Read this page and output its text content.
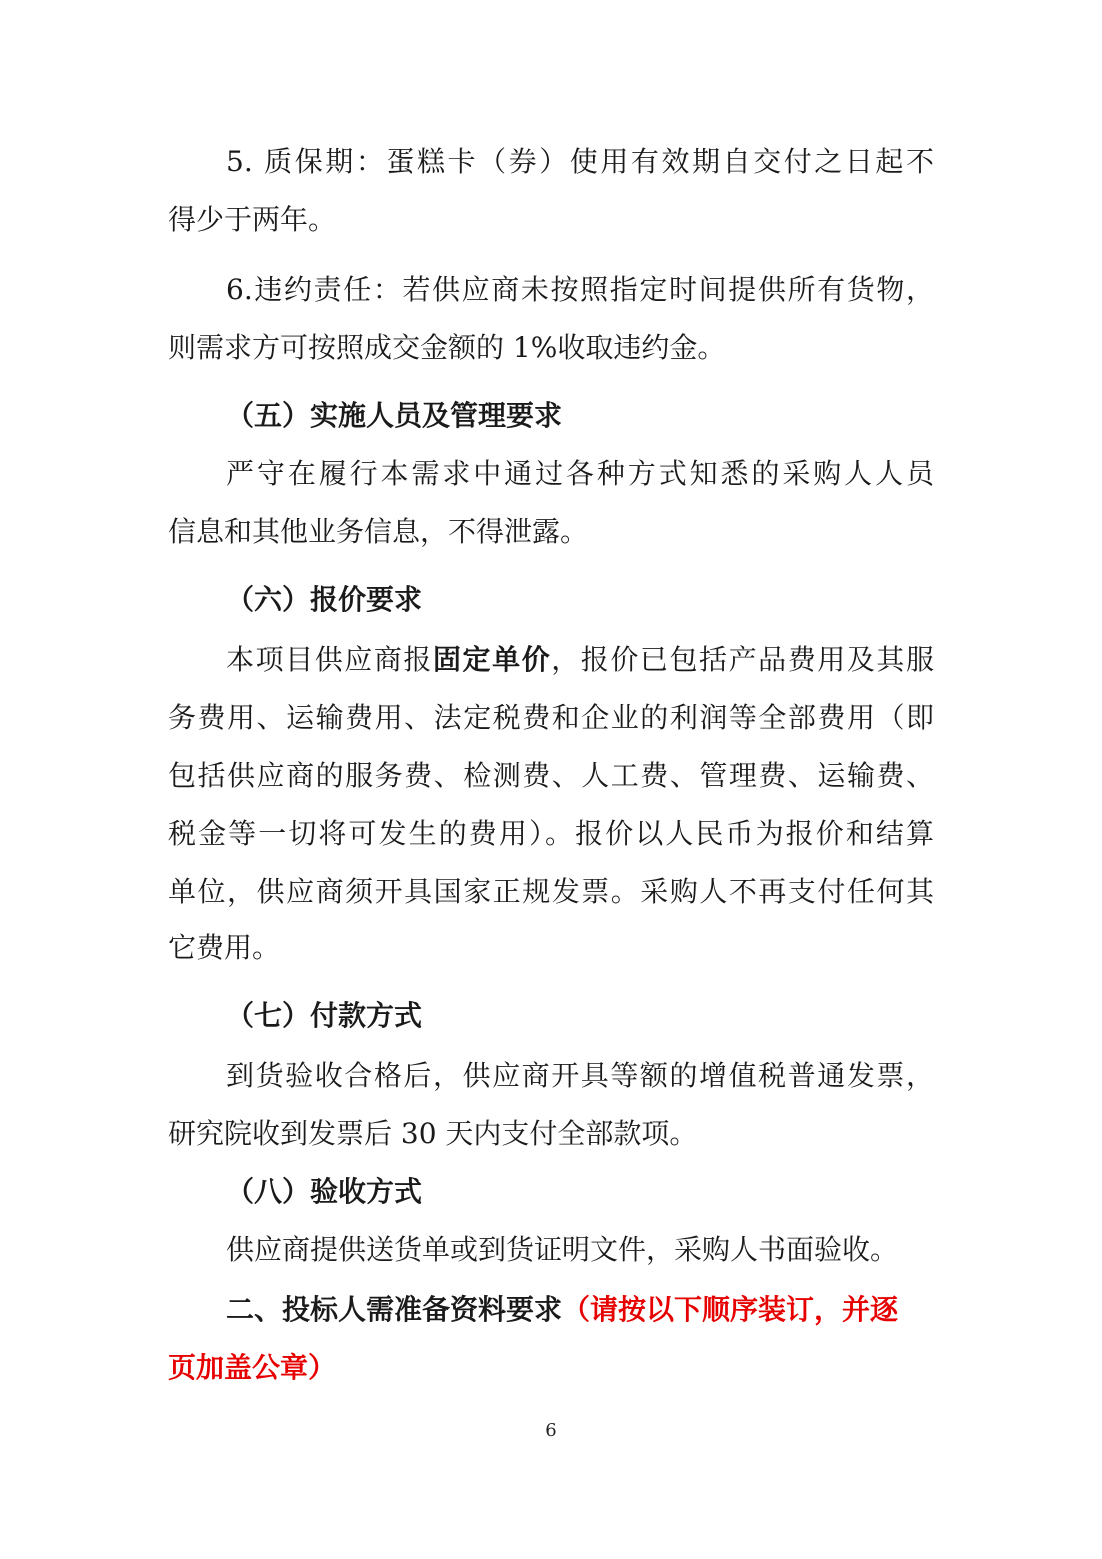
5. 质保期：蛋糕卡（券）使用有效期自交付之日起不
得少于两年。
6.违约责任：若供应商未按照指定时间提供所有货物，
则需求方可按照成交金额的 1%收取违约金。
（五）实施人员及管理要求
严守在履行本需求中通过各种方式知悉的采购人人员
信息和其他业务信息，不得泄露。
（六）报价要求
本项目供应商报固定单价，报价已包括产品费用及其服
务费用、运输费用、法定税费和企业的利润等全部费用（即
包括供应商的服务费、检测费、人工费、管理费、运输费、
税金等一切将可发生的费用）。报价以人民币为报价和结算
单位，供应商须开具国家正规发票。采购人不再支付任何其
它费用。
（七）付款方式
到货验收合格后，供应商开具等额的增值税普通发票，
研究院收到发票后 30 天内支付全部款项。
（八）验收方式
供应商提供送货单或到货证明文件，采购人书面验收。
二、投标人需准备资料要求（请按以下顺序装订，并逐
页加盖公章）
6
